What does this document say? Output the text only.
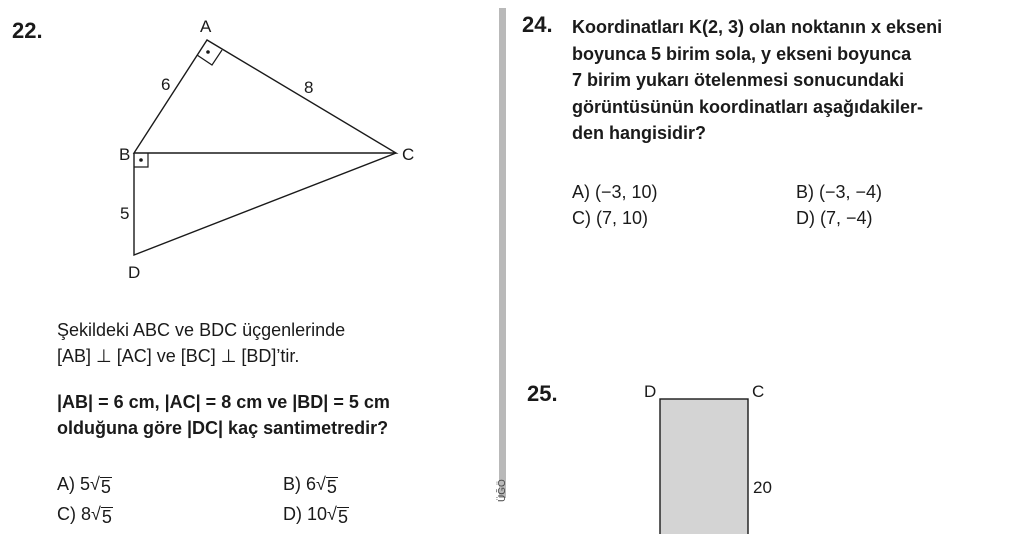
22.	A
B	C
D
6	8
5
Şekildeki ABC ve BDC üçgenlerinde
[AB] ⊥ [AC] ve [BC] ⊥ [BD]’tir.
|AB| = 6 cm, |AC| = 8 cm ve |BD| = 5 cm
olduğuna göre |DC| kaç santimetredir?
A) 5 √ 5	B) 6 √ 5
C) 8 √ 5	D) 10 √ 5
ÜĞÖ
24. Koordinatları K(2, 3) olan noktanın x ekseni
boyunca 5 birim sola, y ekseni boyunca
7 birim yukarı ötelenmesi sonucundaki
görüntüsünün koordinatları aşağıdakiler-
den hangisidir?
A) (−3, 10)	B) (−3, −4)
C) (7, 10)	D) (7, −4)
25.	D	C
20
